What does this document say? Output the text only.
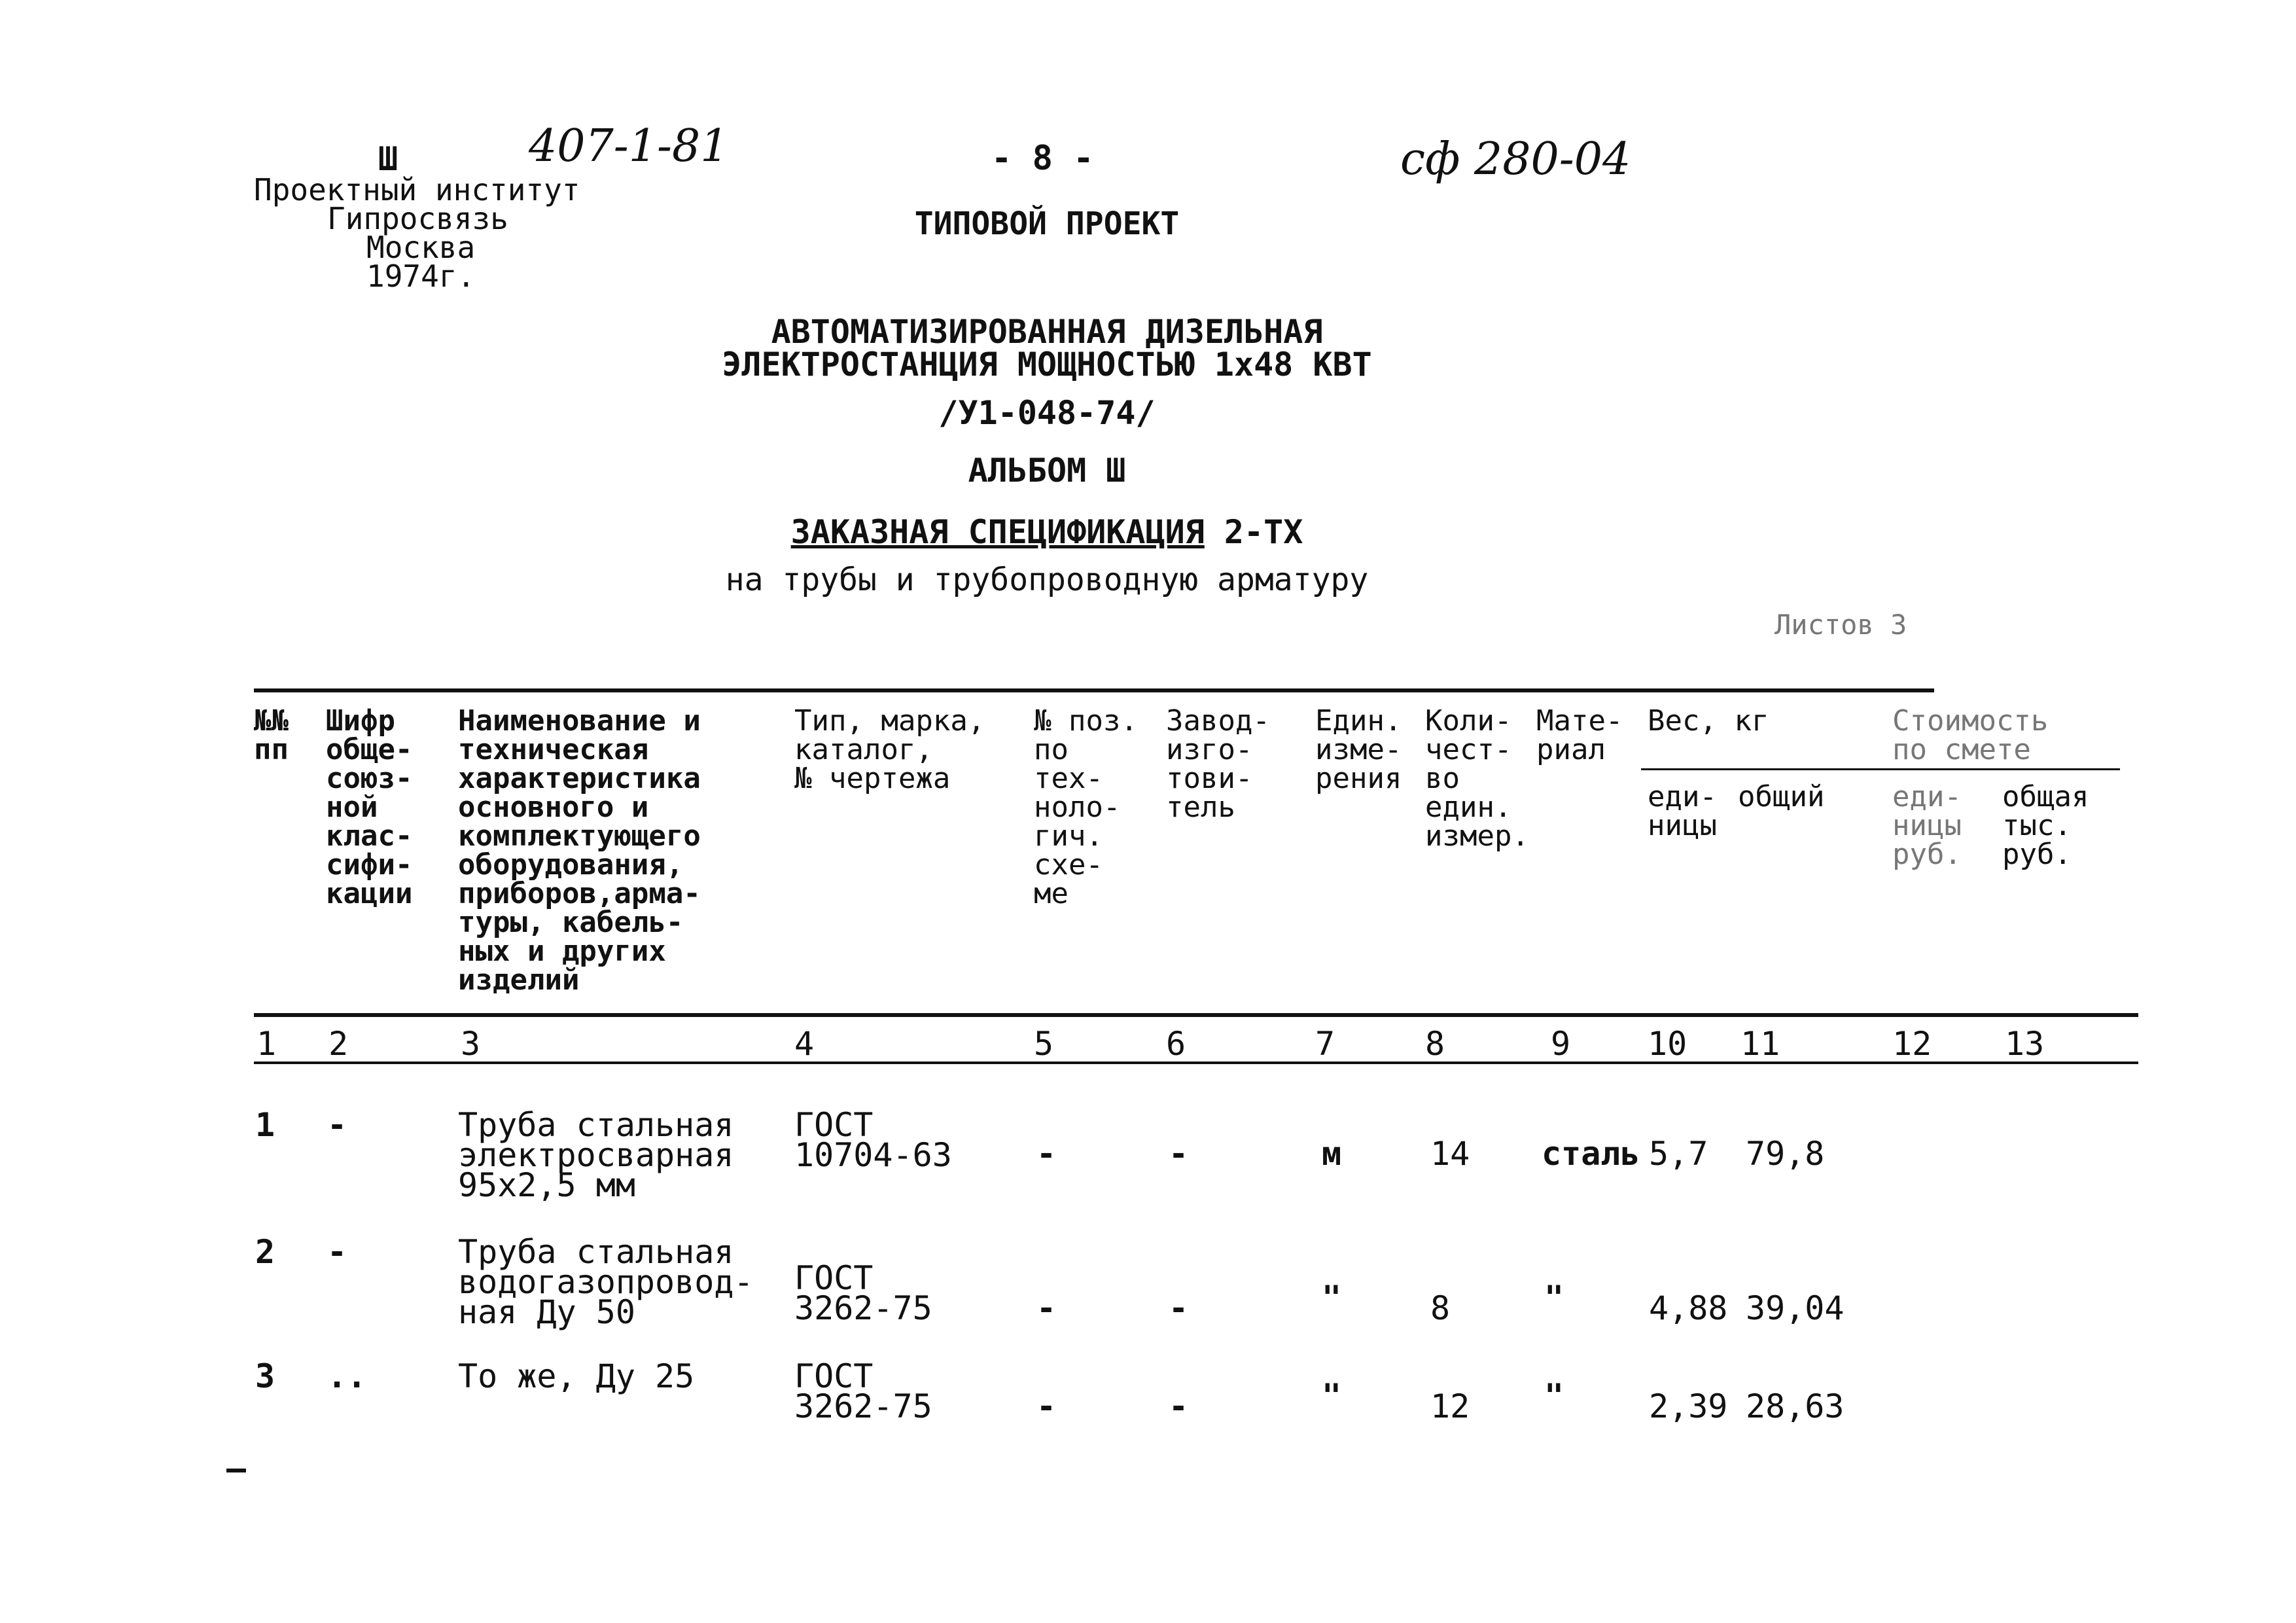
Ш	407-1-81	- 8 -	сф 280-04
Проектный институт
Гипросвязь
Москва
1974г.
ТИПОВОЙ ПРОЕКТ
АВТОМАТИЗИРОВАННАЯ ДИЗЕЛЬНАЯ
ЭЛЕКТРОСТАНЦИЯ МОЩНОСТЬЮ 1х48 КВТ
/У1-048-74/
АЛЬБОМ Ш
ЗАКАЗНАЯ СПЕЦИФИКАЦИЯ 2-ТХ
на трубы и трубопроводную арматуру
Листов 3
№№
пп
Шифр
обще-
союз-
ной
клас-
сифи-
кации
Наименование и
техническая
характеристика
основного и
комплектующего
оборудования,
приборов,арма-
туры, кабель-
ных и других
изделий
Тип, марка,
каталог,
№ чертежа
№ поз.
по
тех-
ноло-
гич.
схе-
ме
Завод-
изго-
тови-
тель
Един.
изме-
рения
Коли-
чест-
во
един.
измер.
Мате-
риал
Вес, кг
еди-
ницы
общий
Стоимость
по смете
еди-
ницы
руб.
общая
тыс.
руб.
1 2	3	4	5	6	7	8	9 10 11	12 13
1 -	Труба стальная
электросварная
95х2,5 мм
ГОСТ
10704-63	-	-	м	14 сталь 5,7 79,8
2 -	Труба стальная
водогазопровод-
ная Ду 50
ГОСТ
3262-75	-	-	"	8	"	4,88 39,04
3 ..	То же, Ду 25	ГОСТ
3262-75	-	-	"	12 "	2,39 28,63
